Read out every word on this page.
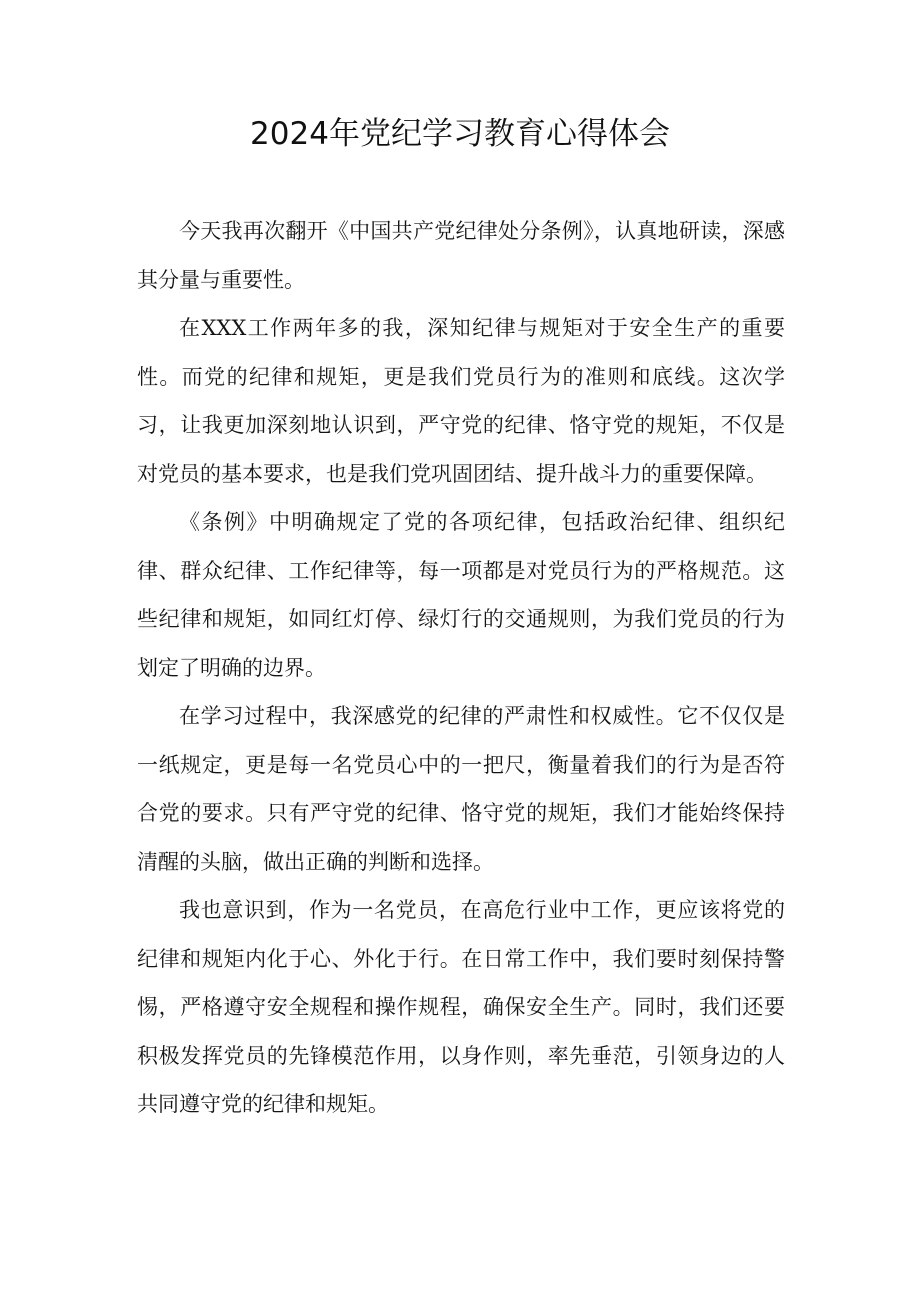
2024年党纪学习教育心得体会

今天我再次翻开《中国共产党纪律处分条例》，认真地研读，深感其分量与重要性。

在XXX工作两年多的我，深知纪律与规矩对于安全生产的重要性。而党的纪律和规矩，更是我们党员行为的准则和底线。这次学习，让我更加深刻地认识到，严守党的纪律、恪守党的规矩，不仅是对党员的基本要求，也是我们党巩固团结、提升战斗力的重要保障。

《条例》中明确规定了党的各项纪律，包括政治纪律、组织纪律、群众纪律、工作纪律等，每一项都是对党员行为的严格规范。这些纪律和规矩，如同红灯停、绿灯行的交通规则，为我们党员的行为划定了明确的边界。

在学习过程中，我深感党的纪律的严肃性和权威性。它不仅仅是一纸规定，更是每一名党员心中的一把尺，衡量着我们的行为是否符合党的要求。只有严守党的纪律、恪守党的规矩，我们才能始终保持清醒的头脑，做出正确的判断和选择。

我也意识到，作为一名党员，在高危行业中工作，更应该将党的纪律和规矩内化于心、外化于行。在日常工作中，我们要时刻保持警惕，严格遵守安全规程和操作规程，确保安全生产。同时，我们还要积极发挥党员的先锋模范作用，以身作则，率先垂范，引领身边的人共同遵守党的纪律和规矩。
